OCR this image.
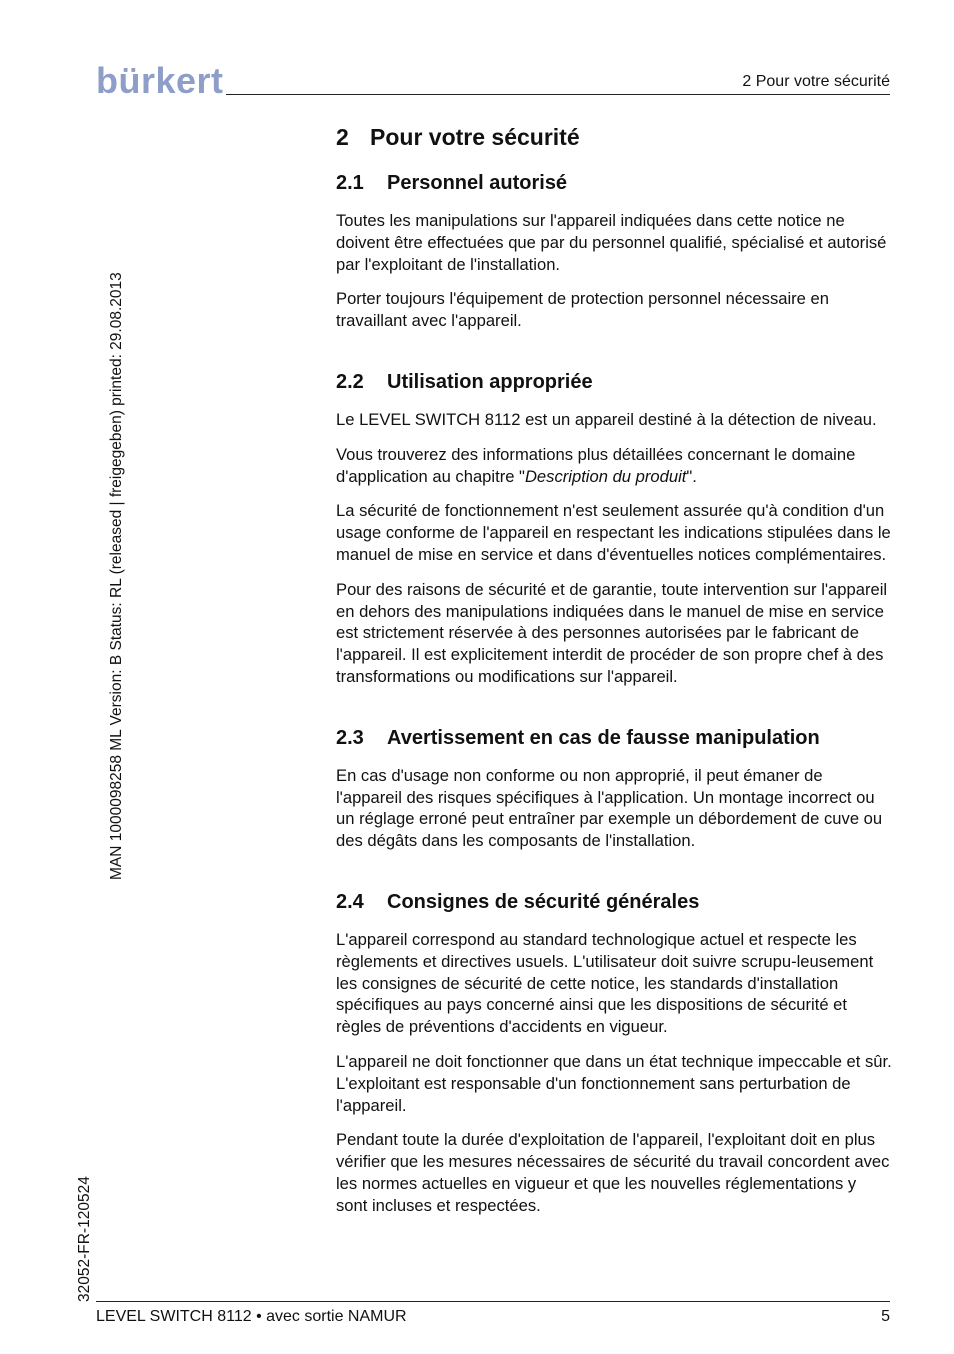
bürkert	2 Pour votre sécurité
MAN 1000098258 ML Version: B Status: RL (released | freigegeben) printed: 29.08.2013
32052-FR-120524
2 Pour votre sécurité
2.1 Personnel autorisé

Toutes les manipulations sur l'appareil indiquées dans cette notice ne doivent être effectuées que par du personnel qualifié, spécialisé et autorisé par l'exploitant de l'installation.

Porter toujours l'équipement de protection personnel nécessaire en travaillant avec l'appareil.

2.2 Utilisation appropriée

Le LEVEL SWITCH 8112 est un appareil destiné à la détection de niveau.

Vous trouverez des informations plus détaillées concernant le domaine d'application au chapitre "Description du produit".

La sécurité de fonctionnement n'est seulement assurée qu'à condition d'un usage conforme de l'appareil en respectant les indications stipulées dans le manuel de mise en service et dans d'éventuelles notices complémentaires.

Pour des raisons de sécurité et de garantie, toute intervention sur l'appareil en dehors des manipulations indiquées dans le manuel de mise en service est strictement réservée à des personnes autorisées par le fabricant de l'appareil. Il est explicitement interdit de procéder de son propre chef à des transformations ou modifications sur l'appareil.

2.3 Avertissement en cas de fausse manipulation

En cas d'usage non conforme ou non approprié, il peut émaner de l'appareil des risques spécifiques à l'application. Un montage incorrect ou un réglage erroné peut entraîner par exemple un débordement de cuve ou des dégâts dans les composants de l'installation.

2.4 Consignes de sécurité générales

L'appareil correspond au standard technologique actuel et respecte les règlements et directives usuels. L'utilisateur doit suivre scrupu-leusement les consignes de sécurité de cette notice, les standards d'installation spécifiques au pays concerné ainsi que les dispositions de sécurité et règles de préventions d'accidents en vigueur.

L'appareil ne doit fonctionner que dans un état technique impeccable et sûr. L'exploitant est responsable d'un fonctionnement sans perturbation de l'appareil.

Pendant toute la durée d'exploitation de l'appareil, l'exploitant doit en plus vérifier que les mesures nécessaires de sécurité du travail concordent avec les normes actuelles en vigueur et que les nouvelles réglementations y sont incluses et respectées.

LEVEL SWITCH 8112 • avec sortie NAMUR	5
